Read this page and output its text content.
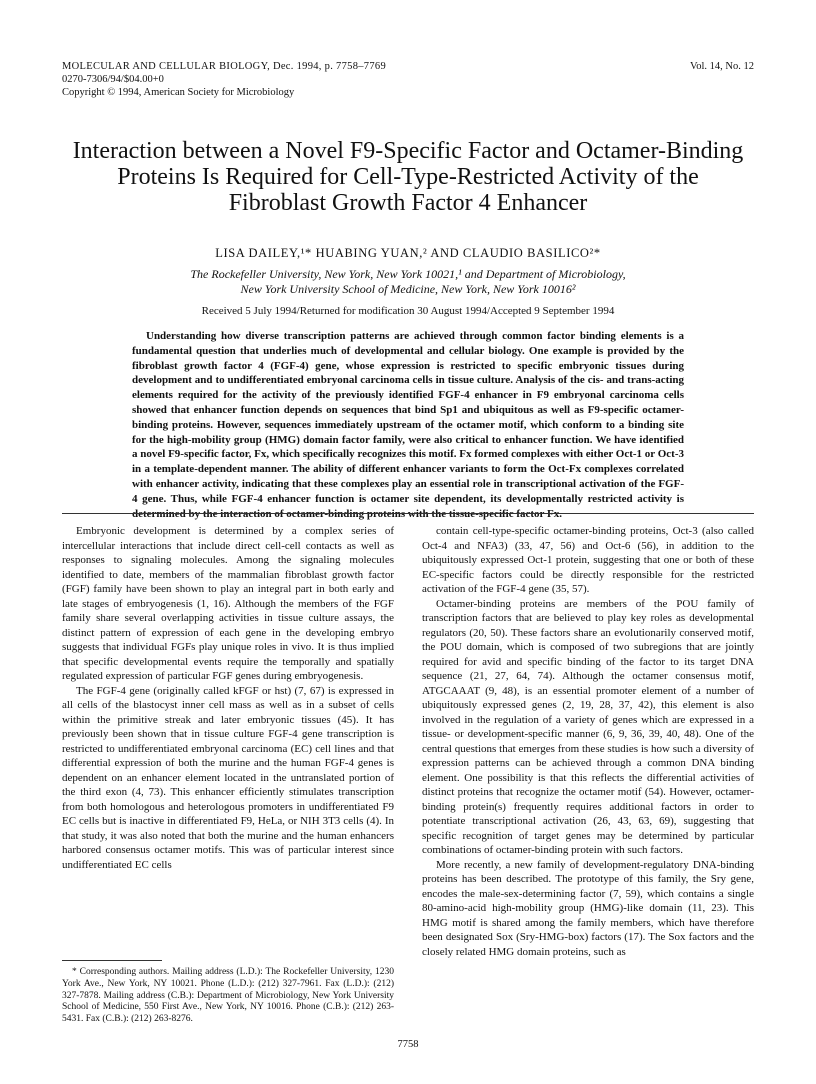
MOLECULAR AND CELLULAR BIOLOGY, Dec. 1994, p. 7758–7769
0270-7306/94/$04.00+0
Copyright © 1994, American Society for Microbiology
Vol. 14, No. 12
Interaction between a Novel F9-Specific Factor and Octamer-Binding
Proteins Is Required for Cell-Type-Restricted Activity of the
Fibroblast Growth Factor 4 Enhancer
LISA DAILEY,¹* HUABING YUAN,² AND CLAUDIO BASILICO²*
The Rockefeller University, New York, New York 10021,¹ and Department of Microbiology,
New York University School of Medicine, New York, New York 10016²
Received 5 July 1994/Returned for modification 30 August 1994/Accepted 9 September 1994

Understanding how diverse transcription patterns are achieved through common factor binding elements is a fundamental question that underlies much of developmental and cellular biology. One example is provided by the fibroblast growth factor 4 (FGF-4) gene, whose expression is restricted to specific embryonic tissues during development and to undifferentiated embryonal carcinoma cells in tissue culture. Analysis of the cis- and trans-acting elements required for the activity of the previously identified FGF-4 enhancer in F9 embryonal carcinoma cells showed that enhancer function depends on sequences that bind Sp1 and ubiquitous as well as F9-specific octamer-binding proteins. However, sequences immediately upstream of the octamer motif, which conform to a binding site for the high-mobility group (HMG) domain factor family, were also critical to enhancer function. We have identified a novel F9-specific factor, Fx, which specifically recognizes this motif. Fx formed complexes with either Oct-1 or Oct-3 in a template-dependent manner. The ability of different enhancer variants to form the Oct-Fx complexes correlated with enhancer activity, indicating that these complexes play an essential role in transcriptional activation of the FGF-4 gene. Thus, while FGF-4 enhancer function is octamer site dependent, its developmentally restricted activity is determined by the interaction of octamer-binding proteins with the tissue-specific factor Fx.

Embryonic development is determined by a complex series of intercellular interactions that include direct cell-cell contacts as well as responses to signaling molecules. Among the signaling molecules identified to date, members of the mammalian fibroblast growth factor (FGF) family have been shown to play an integral part in both early and late stages of embryogenesis (1, 16). Although the members of the FGF family share several overlapping activities in tissue culture assays, the distinct pattern of expression of each gene in the developing embryo suggests that individual FGFs play unique roles in vivo. It is thus implied that specific developmental events require the temporally and spatially regulated expression of particular FGF genes during embryogenesis.

The FGF-4 gene (originally called kFGF or hst) (7, 67) is expressed in all cells of the blastocyst inner cell mass as well as in a subset of cells within the primitive streak and later embryonic tissues (45). It has previously been shown that in tissue culture FGF-4 gene transcription is restricted to undifferentiated embryonal carcinoma (EC) cell lines and that differential expression of both the murine and the human FGF-4 genes is dependent on an enhancer element located in the untranslated portion of the third exon (4, 73). This enhancer efficiently stimulates transcription from both homologous and heterologous promoters in undifferentiated F9 EC cells but is inactive in differentiated F9, HeLa, or NIH 3T3 cells (4). In that study, it was also noted that both the murine and the human enhancers harbored consensus octamer motifs. This was of particular interest since undifferentiated EC cells

contain cell-type-specific octamer-binding proteins, Oct-3 (also called Oct-4 and NFA3) (33, 47, 56) and Oct-6 (56), in addition to the ubiquitously expressed Oct-1 protein, suggesting that one or both of these EC-specific factors could be directly responsible for the restricted activation of the FGF-4 gene (35, 57).

Octamer-binding proteins are members of the POU family of transcription factors that are believed to play key roles as developmental regulators (20, 50). These factors share an evolutionarily conserved motif, the POU domain, which is composed of two subregions that are jointly required for avid and specific binding of the factor to its target DNA sequence (21, 27, 64, 74). Although the octamer consensus motif, ATGCAAAT (9, 48), is an essential promoter element of a number of ubiquitously expressed genes (2, 19, 28, 37, 42), this element is also involved in the regulation of a variety of genes which are expressed in a tissue- or development-specific manner (6, 9, 36, 39, 40, 48). One of the central questions that emerges from these studies is how such a diversity of expression patterns can be achieved through a common DNA binding element. One possibility is that this reflects the differential activities of distinct proteins that recognize the octamer motif (54). However, octamer-binding protein(s) frequently requires additional factors in order to potentiate transcriptional activation (26, 43, 63, 69), suggesting that specific recognition of target genes may be determined by particular combinations of octamer-binding protein with such factors.

More recently, a new family of development-regulatory DNA-binding proteins has been described. The prototype of this family, the Sry gene, encodes the male-sex-determining factor (7, 59), which contains a single 80-amino-acid high-mobility group (HMG)-like domain (11, 23). This HMG motif is shared among the family members, which have therefore been designated Sox (Sry-HMG-box) factors (17). The Sox factors and the closely related HMG domain proteins, such as

* Corresponding authors. Mailing address (L.D.): The Rockefeller University, 1230 York Ave., New York, NY 10021. Phone (L.D.): (212) 327-7961. Fax (L.D.): (212) 327-7878. Mailing address (C.B.): Department of Microbiology, New York University School of Medicine, 550 First Ave., New York, NY 10016. Phone (C.B.): (212) 263-5431. Fax (C.B.): (212) 263-8276.

7758
